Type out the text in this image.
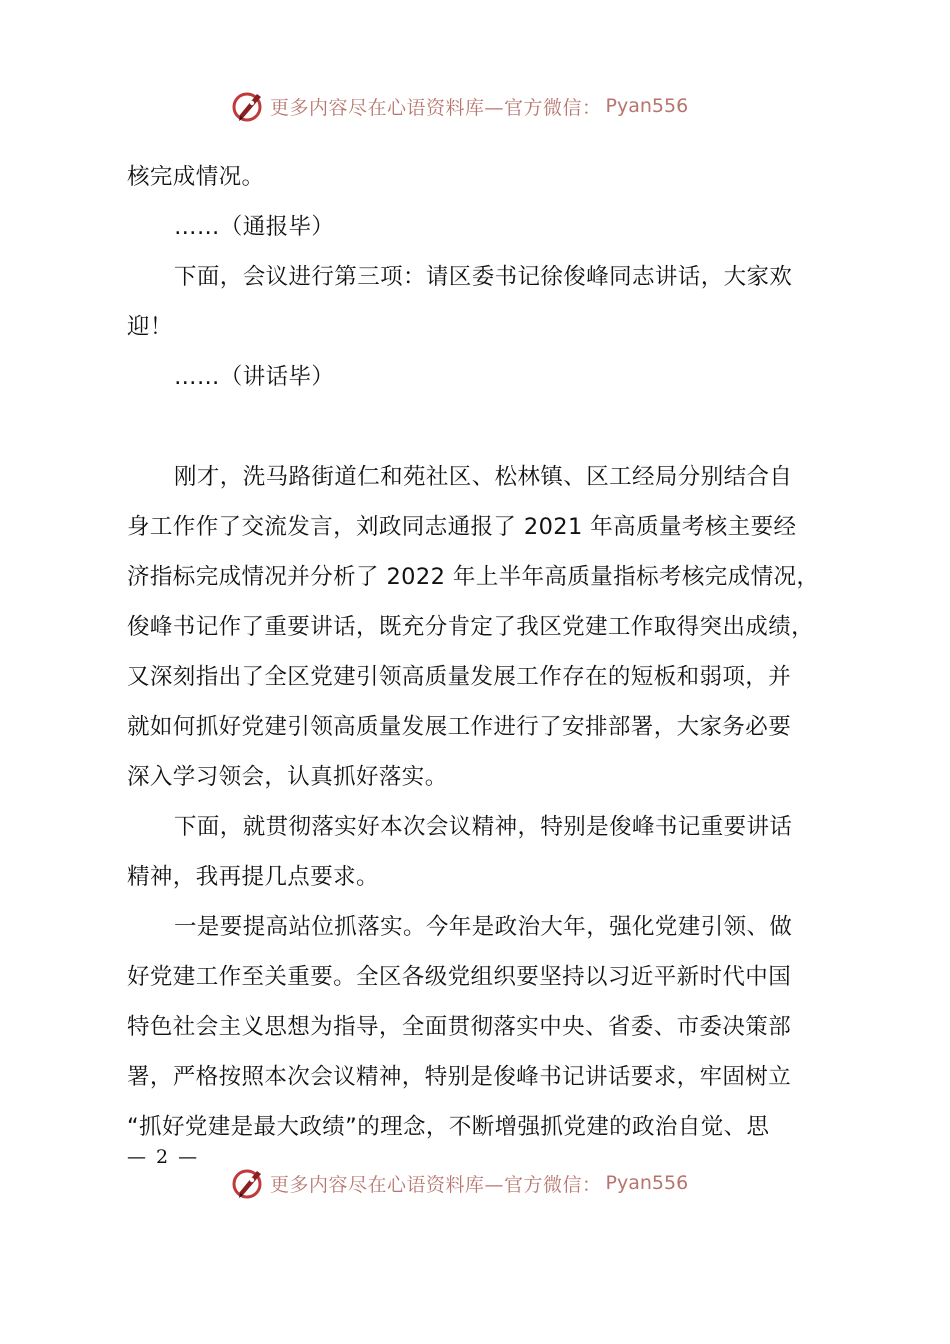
更多内容尽在心语资料库—官方微信： Pyan556
核完成情况。
……（通报毕）
下面，会议进行第三项：请区委书记徐俊峰同志讲话，大家欢
迎！
……（讲话毕）
刚才，洗马路街道仁和苑社区、松林镇、区工经局分别结合自
身工作作了交流发言，刘政同志通报了 2021 年高质量考核主要经
济指标完成情况并分析了 2022 年上半年高质量指标考核完成情况，
俊峰书记作了重要讲话，既充分肯定了我区党建工作取得突出成绩，
又深刻指出了全区党建引领高质量发展工作存在的短板和弱项，并
就如何抓好党建引领高质量发展工作进行了安排部署，大家务必要
深入学习领会，认真抓好落实。
下面，就贯彻落实好本次会议精神，特别是俊峰书记重要讲话
精神，我再提几点要求。
一是要提高站位抓落实。今年是政治大年，强化党建引领、做
好党建工作至关重要。全区各级党组织要坚持以习近平新时代中国
特色社会主义思想为指导，全面贯彻落实中央、省委、市委决策部
署，严格按照本次会议精神，特别是俊峰书记讲话要求，牢固树立
“抓好党建是最大政绩”的理念，不断增强抓党建的政治自觉、思
— 2 —
更多内容尽在心语资料库—官方微信： Pyan556
